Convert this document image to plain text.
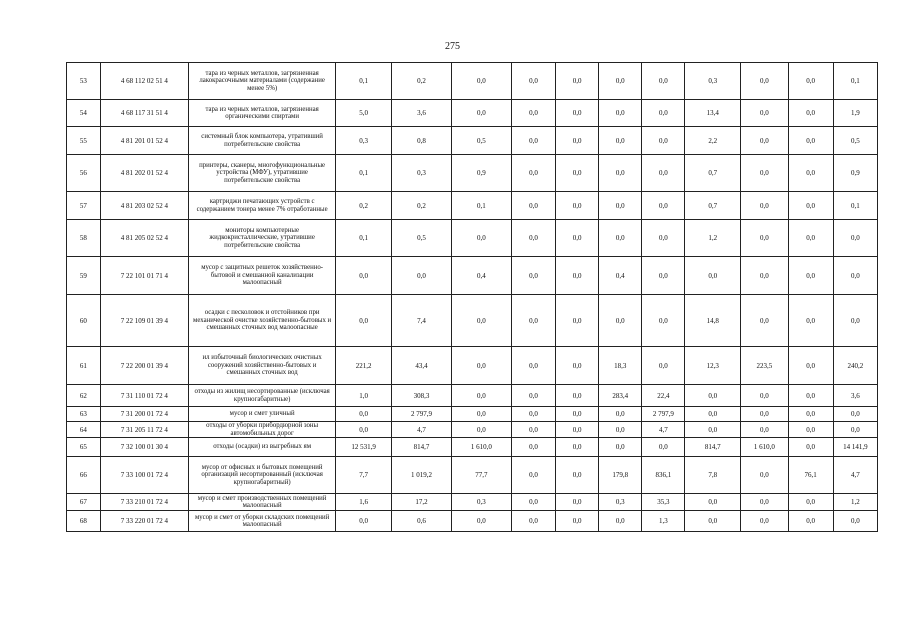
275
53	4 68 112 02 51 4	тара из черных металлов, загрязненная лакокрасочными материалами (содержание менее 5%)	0,1	0,2	0,0	0,0	0,0	0,0	0,0	0,3	0,0	0,0	0,1
54	4 68 117 31 51 4	тара из черных металлов, загрязненная органическими спиртами	5,0	3,6	0,0	0,0	0,0	0,0	0,0	13,4	0,0	0,0	1,9
55	4 81 201 01 52 4	системный блок компьютера, утративший потребительские свойства	0,3	0,8	0,5	0,0	0,0	0,0	0,0	2,2	0,0	0,0	0,5
56	4 81 202 01 52 4	принтеры, сканеры, многофункциональные устройства (МФУ), утратившие потребительские свойства	0,1	0,3	0,9	0,0	0,0	0,0	0,0	0,7	0,0	0,0	0,9
57	4 81 203 02 52 4	картриджи печатающих устройств с содержанием тонера менее 7% отработанные	0,2	0,2	0,1	0,0	0,0	0,0	0,0	0,7	0,0	0,0	0,1
58	4 81 205 02 52 4	мониторы компьютерные жидкокристаллические, утратившие потребительские свойства	0,1	0,5	0,0	0,0	0,0	0,0	0,0	1,2	0,0	0,0	0,0
59	7 22 101 01 71 4	мусор с защитных решеток хозяйственно-бытовой и смешанной канализации малоопасный	0,0	0,0	0,4	0,0	0,0	0,4	0,0	0,0	0,0	0,0	0,0
60	7 22 109 01 39 4	осадки с песколовок и отстойников при механической очистке хозяйственно-бытовых и смешанных сточных вод малоопасные	0,0	7,4	0,0	0,0	0,0	0,0	0,0	14,8	0,0	0,0	0,0
61	7 22 200 01 39 4	ил избыточный биологических очистных сооружений хозяйственно-бытовых и смешанных сточных вод	221,2	43,4	0,0	0,0	0,0	18,3	0,0	12,3	223,5	0,0	240,2
62	7 31 110 01 72 4	отходы из жилищ несортированные (исключая крупногабаритные)	1,0	308,3	0,0	0,0	0,0	283,4	22,4	0,0	0,0	0,0	3,6
63	7 31 200 01 72 4	мусор и смет уличный	0,0	2 797,9	0,0	0,0	0,0	0,0	2 797,9	0,0	0,0	0,0	0,0
64	7 31 205 11 72 4	отходы от уборки прибордюрной зоны автомобильных дорог	0,0	4,7	0,0	0,0	0,0	0,0	4,7	0,0	0,0	0,0	0,0
65	7 32 100 01 30 4	отходы (осадки) из выгребных ям	12 531,9	814,7	1 610,0	0,0	0,0	0,0	0,0	814,7	1 610,0	0,0	14 141,9
66	7 33 100 01 72 4	мусор от офисных и бытовых помещений организаций несортированный (исключая крупногабаритный)	7,7	1 019,2	77,7	0,0	0,0	179,8	836,1	7,8	0,0	76,1	4,7
67	7 33 210 01 72 4	мусор и смет производственных помещений малоопасный	1,6	17,2	0,3	0,0	0,0	0,3	35,3	0,0	0,0	0,0	1,2
68	7 33 220 01 72 4	мусор и смет от уборки складских помещений малоопасный	0,0	0,6	0,0	0,0	0,0	0,0	1,3	0,0	0,0	0,0	0,0
